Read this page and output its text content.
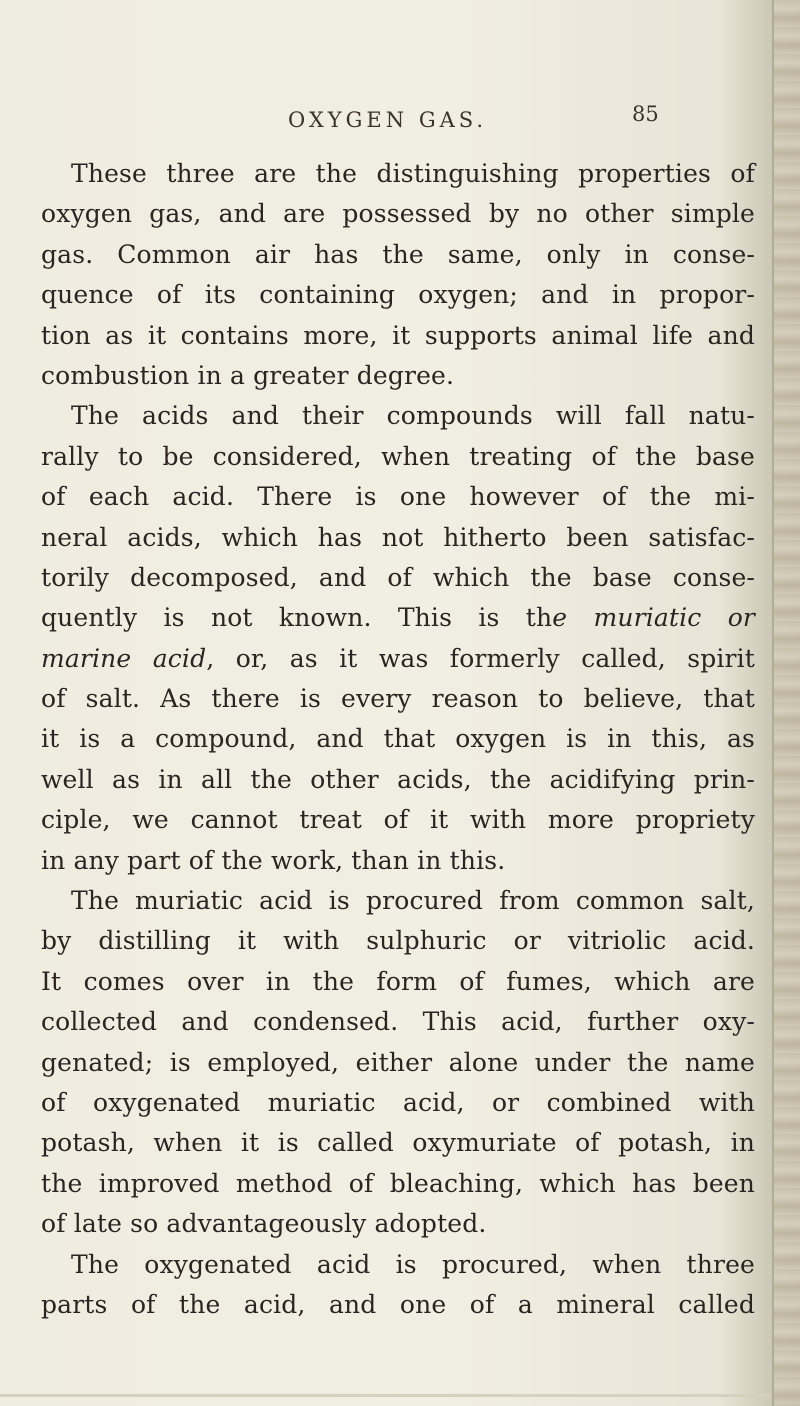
OXYGEN GAS.	85
These three are the distinguishing properties of
oxygen gas, and are possessed by no other simple
gas. Common air has the same, only in conse-
quence of its containing oxygen; and in propor-
tion as it contains more, it supports animal life and
combustion in a greater degree.
The acids and their compounds will fall natu-
rally to be considered, when treating of the base
of each acid. There is one however of the mi-
neral acids, which has not hitherto been satisfac-
torily decomposed, and of which the base conse-
quently is not known. This is the muriatic or
marine acid, or, as it was formerly called, spirit
of salt. As there is every reason to believe, that
it is a compound, and that oxygen is in this, as
well as in all the other acids, the acidifying prin-
ciple, we cannot treat of it with more propriety
in any part of the work, than in this.
The muriatic acid is procured from common salt,
by distilling it with sulphuric or vitriolic acid.
It comes over in the form of fumes, which are
collected and condensed. This acid, further oxy-
genated; is employed, either alone under the name
of oxygenated muriatic acid, or combined with
potash, when it is called oxymuriate of potash, in
the improved method of bleaching, which has been
of late so advantageously adopted.
The oxygenated acid is procured, when three
parts of the acid, and one of a mineral called
